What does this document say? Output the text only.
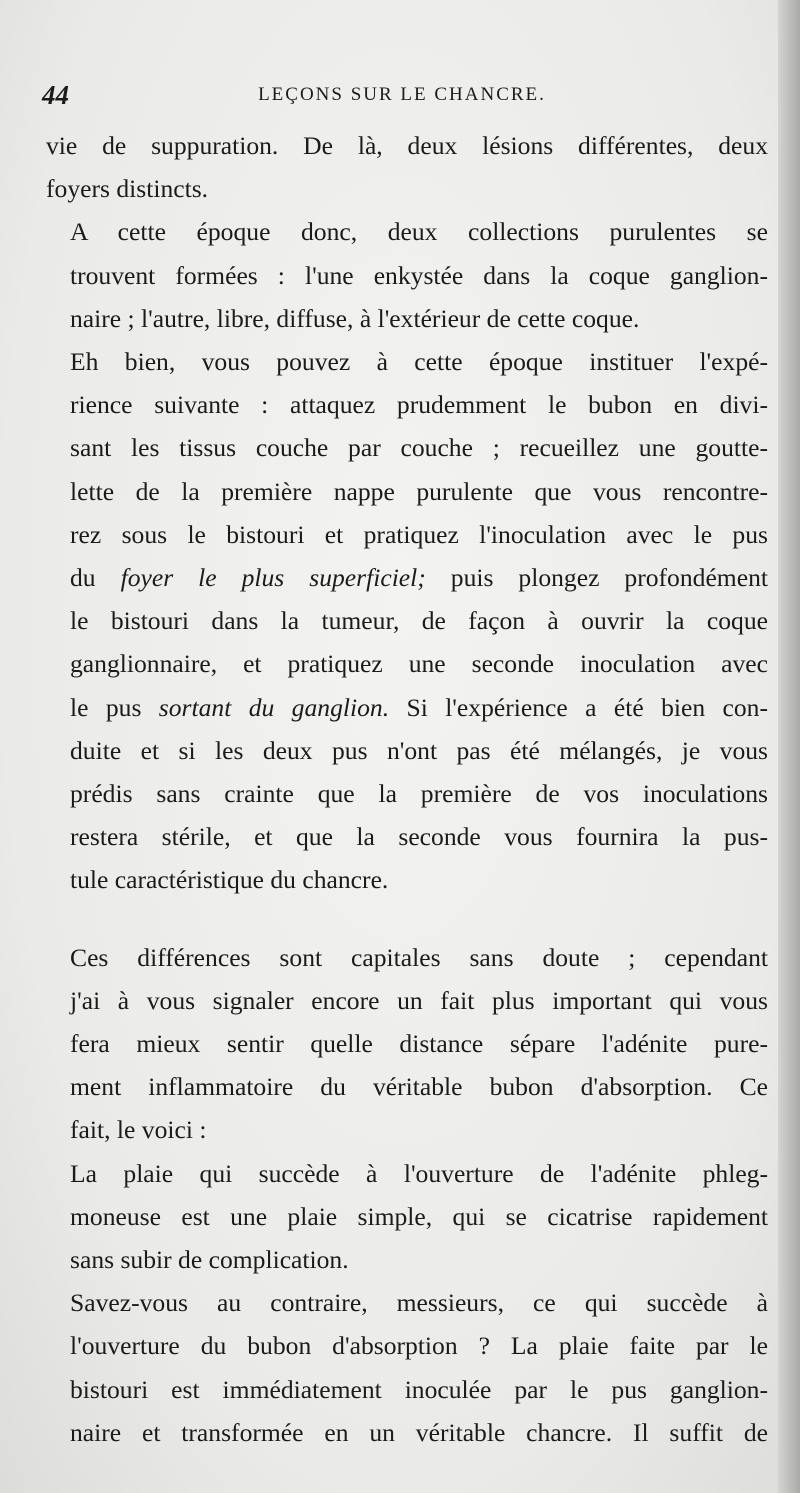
44	LEÇONS SUR LE CHANCRE.
vie de suppuration. De là, deux lésions différentes, deux
foyers distincts.
A cette époque donc, deux collections purulentes se
trouvent formées : l'une enkystée dans la coque ganglion-
naire ; l'autre, libre, diffuse, à l'extérieur de cette coque.
Eh bien, vous pouvez à cette époque instituer l'expé-
rience suivante : attaquez prudemment le bubon en divi-
sant les tissus couche par couche ; recueillez une goutte-
lette de la première nappe purulente que vous rencontre-
rez sous le bistouri et pratiquez l'inoculation avec le pus
du foyer le plus superficiel; puis plongez profondément
le bistouri dans la tumeur, de façon à ouvrir la coque
ganglionnaire, et pratiquez une seconde inoculation avec
le pus sortant du ganglion. Si l'expérience a été bien con-
duite et si les deux pus n'ont pas été mélangés, je vous
prédis sans crainte que la première de vos inoculations
restera stérile, et que la seconde vous fournira la pus-
tule caractéristique du chancre.
Ces différences sont capitales sans doute ; cependant
j'ai à vous signaler encore un fait plus important qui vous
fera mieux sentir quelle distance sépare l'adénite pure-
ment inflammatoire du véritable bubon d'absorption. Ce
fait, le voici :
La plaie qui succède à l'ouverture de l'adénite phleg-
moneuse est une plaie simple, qui se cicatrise rapidement
sans subir de complication.
Savez-vous au contraire, messieurs, ce qui succède à
l'ouverture du bubon d'absorption ? La plaie faite par le
bistouri est immédiatement inoculée par le pus ganglion-
naire et transformée en un véritable chancre. Il suffit de
